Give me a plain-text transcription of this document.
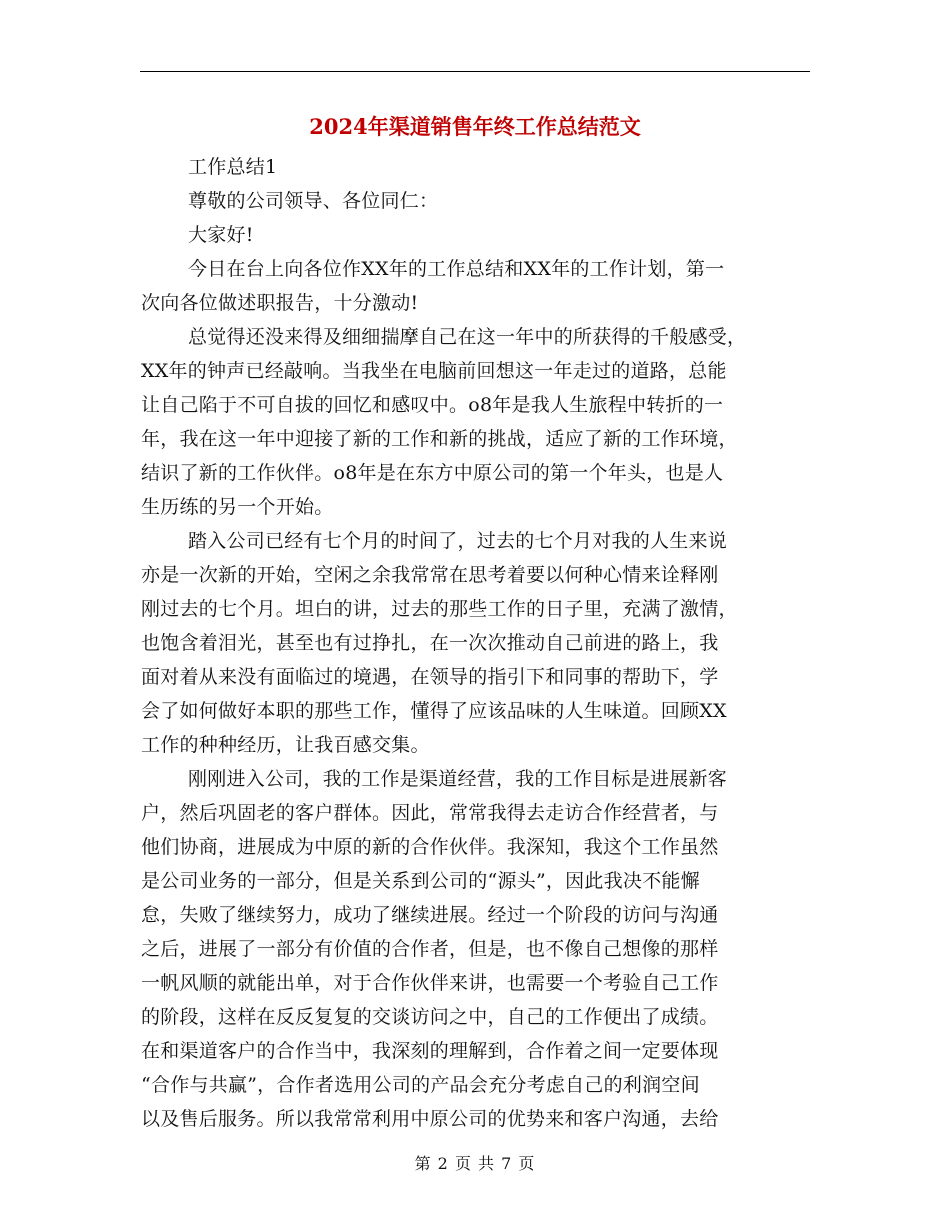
2024年渠道销售年终工作总结范文
工作总结1
尊敬的公司领导、各位同仁：
大家好!
今日在台上向各位作XX年的工作总结和XX年的工作计划，第一
次向各位做述职报告，十分激动!
总觉得还没来得及细细揣摩自己在这一年中的所获得的千般感受，
XX年的钟声已经敲响。当我坐在电脑前回想这一年走过的道路，总能
让自己陷于不可自拔的回忆和感叹中。o8年是我人生旅程中转折的一
年，我在这一年中迎接了新的工作和新的挑战，适应了新的工作环境，
结识了新的工作伙伴。o8年是在东方中原公司的第一个年头，也是人
生历练的另一个开始。
踏入公司已经有七个月的时间了，过去的七个月对我的人生来说
亦是一次新的开始，空闲之余我常常在思考着要以何种心情来诠释刚
刚过去的七个月。坦白的讲，过去的那些工作的日子里，充满了激情，
也饱含着泪光，甚至也有过挣扎，在一次次推动自己前进的路上，我
面对着从来没有面临过的境遇，在领导的指引下和同事的帮助下，学
会了如何做好本职的那些工作，懂得了应该品味的人生味道。回顾XX
工作的种种经历，让我百感交集。
刚刚进入公司，我的工作是渠道经营，我的工作目标是进展新客
户，然后巩固老的客户群体。因此，常常我得去走访合作经营者，与
他们协商，进展成为中原的新的合作伙伴。我深知，我这个工作虽然
是公司业务的一部分，但是关系到公司的“源头”，因此我决不能懈
怠，失败了继续努力，成功了继续进展。经过一个阶段的访问与沟通
之后，进展了一部分有价值的合作者，但是，也不像自己想像的那样
一帆风顺的就能出单，对于合作伙伴来讲，也需要一个考验自己工作
的阶段，这样在反反复复的交谈访问之中，自己的工作便出了成绩。
在和渠道客户的合作当中，我深刻的理解到，合作着之间一定要体现
“合作与共赢”，合作者选用公司的产品会充分考虑自己的利润空间
以及售后服务。所以我常常利用中原公司的优势来和客户沟通，去给
第 2 页 共 7 页
